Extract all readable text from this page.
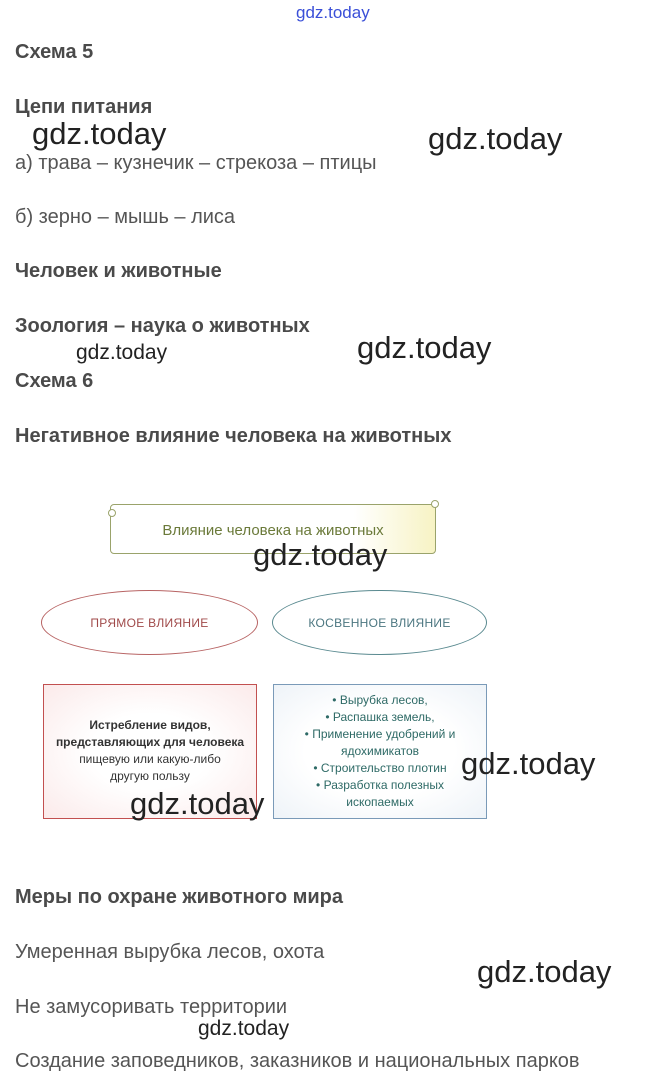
gdz.today
Схема 5
Цепи питания
а) трава – кузнечик – стрекоза – птицы
б) зерно – мышь – лиса
Человек и животные
Зоология – наука о животных
Схема 6
Негативное влияние человека на животных
Влияние человека на животных
ПРЯМОЕ ВЛИЯНИЕ	КОСВЕННОЕ ВЛИЯНИЕ
Истребление видов,
представляющих для человека
пищевую или какую-либо
другую пользу
• Вырубка лесов,
• Распашка земель,
• Применение удобрений и
ядохимикатов
• Строительство плотин
• Разработка полезных
ископаемых
Меры по охране животного мира
Умеренная вырубка лесов, охота
Не замусоривать территории
Создание заповедников, заказников и национальных парков
gdz.today	gdz.today
gdz.today	gdz.today
gdz.today
gdz.today
gdz.today
gdz.today
gdz.today
